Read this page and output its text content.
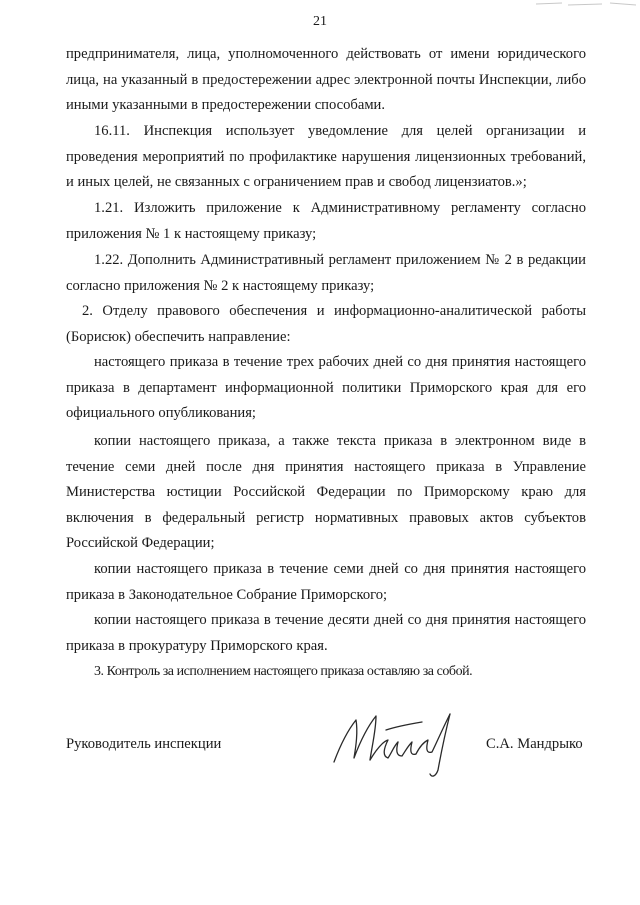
21

предпринимателя, лица, уполномоченного действовать от имени юридического лица, на указанный в предостережении адрес электронной почты Инспекции, либо иными указанными в предостережении способами.

16.11. Инспекция использует уведомление для целей организации и проведения мероприятий по профилактике нарушения лицензионных требований, и иных целей, не связанных с ограничением прав и свобод лицензиатов.»;

1.21. Изложить приложение к Административному регламенту согласно приложения № 1 к настоящему приказу;

1.22. Дополнить Административный регламент приложением № 2 в редакции согласно приложения № 2 к настоящему приказу;

2. Отделу правового обеспечения и информационно-аналитической работы (Борисюк) обеспечить направление:

настоящего приказа в течение трех рабочих дней со дня принятия настоящего приказа в департамент информационной политики Приморского края для его официального опубликования;

копии настоящего приказа, а также текста приказа в электронном виде в течение семи дней после дня принятия настоящего приказа в Управление Министерства юстиции Российской Федерации по Приморскому краю для включения в федеральный регистр нормативных правовых актов субъектов Российской Федерации;

копии настоящего приказа в течение семи дней со дня принятия настоящего приказа в Законодательное Собрание Приморского;

копии настоящего приказа в течение десяти дней со дня принятия настоящего приказа в прокуратуру Приморского края.

3. Контроль за исполнением настоящего приказа оставляю за собой.

Руководитель инспекции	С.А. Мандрыко
